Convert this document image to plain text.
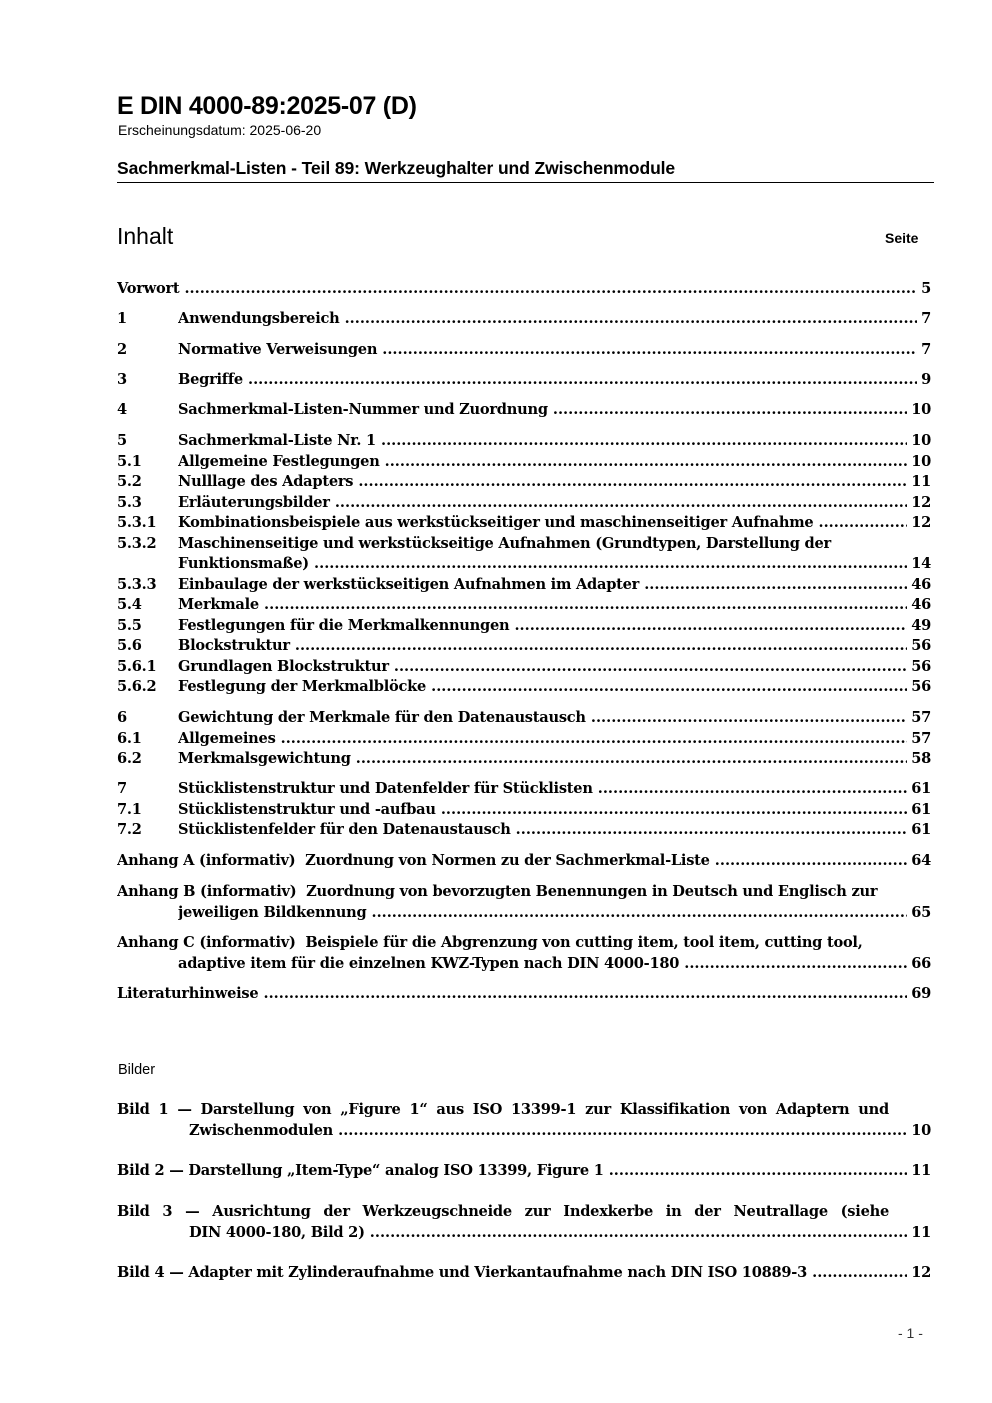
E DIN 4000-89:2025-07 (D)
Erscheinungsdatum: 2025-06-20
Sachmerkmal-Listen - Teil 89: Werkzeughalter und Zwischenmodule
Inhalt	Seite
Vorwort .....	5
1	Anwendungsbereich .....	7
2	Normative Verweisungen .....	7
3	Begriffe .....	9
4	Sachmerkmal-Listen-Nummer und Zuordnung .....	10
5	Sachmerkmal-Liste Nr. 1 .....	10
5.1 Allgemeine Festlegungen .....	10
5.2 Nulllage des Adapters .....	11
5.3 Erläuterungsbilder .....	12
5.3.1 Kombinationsbeispiele aus werkstückseitiger und maschinenseitiger Aufnahme .....	12
5.3.2 Maschinenseitige und werkstückseitige Aufnahmen (Grundtypen, Darstellung der
Funktionsmaße) .....	14
5.3.3 Einbaulage der werkstückseitigen Aufnahmen im Adapter .....	46
5.4 Merkmale .....	46
5.5 Festlegungen für die Merkmalkennungen .....	49
5.6 Blockstruktur .....	56
5.6.1 Grundlagen Blockstruktur .....	56
5.6.2 Festlegung der Merkmalblöcke .....	56
6	Gewichtung der Merkmale für den Datenaustausch .....	57
6.1 Allgemeines .....	57
6.2 Merkmalsgewichtung .....	58
7	Stücklistenstruktur und Datenfelder für Stücklisten .....	61
7.1 Stücklistenstruktur und -aufbau .....	61
7.2 Stücklistenfelder für den Datenaustausch .....	61
Anhang A (informativ) Zuordnung von Normen zu der Sachmerkmal-Liste .....	64
Anhang B (informativ) Zuordnung von bevorzugten Benennungen in Deutsch und Englisch zur
jeweiligen Bildkennung .....	65
Anhang C (informativ) Beispiele für die Abgrenzung von cutting item, tool item, cutting tool,
adaptive item für die einzelnen KWZ-Typen nach DIN 4000-180 .....	66
Literaturhinweise .....	69
Bilder
Bild 1 — Darstellung von „Figure 1“ aus ISO 13399-1 zur Klassifikation von Adaptern und
Zwischenmodulen .....	10
Bild 2 — Darstellung „Item-Type“ analog ISO 13399, Figure 1 .....	11
Bild 3 — Ausrichtung der Werkzeugschneide zur Indexkerbe in der Neutrallage (siehe
DIN 4000-180, Bild 2) .....	11
Bild 4 — Adapter mit Zylinderaufnahme und Vierkantaufnahme nach DIN ISO 10889-3 .....	12
- 1 -
